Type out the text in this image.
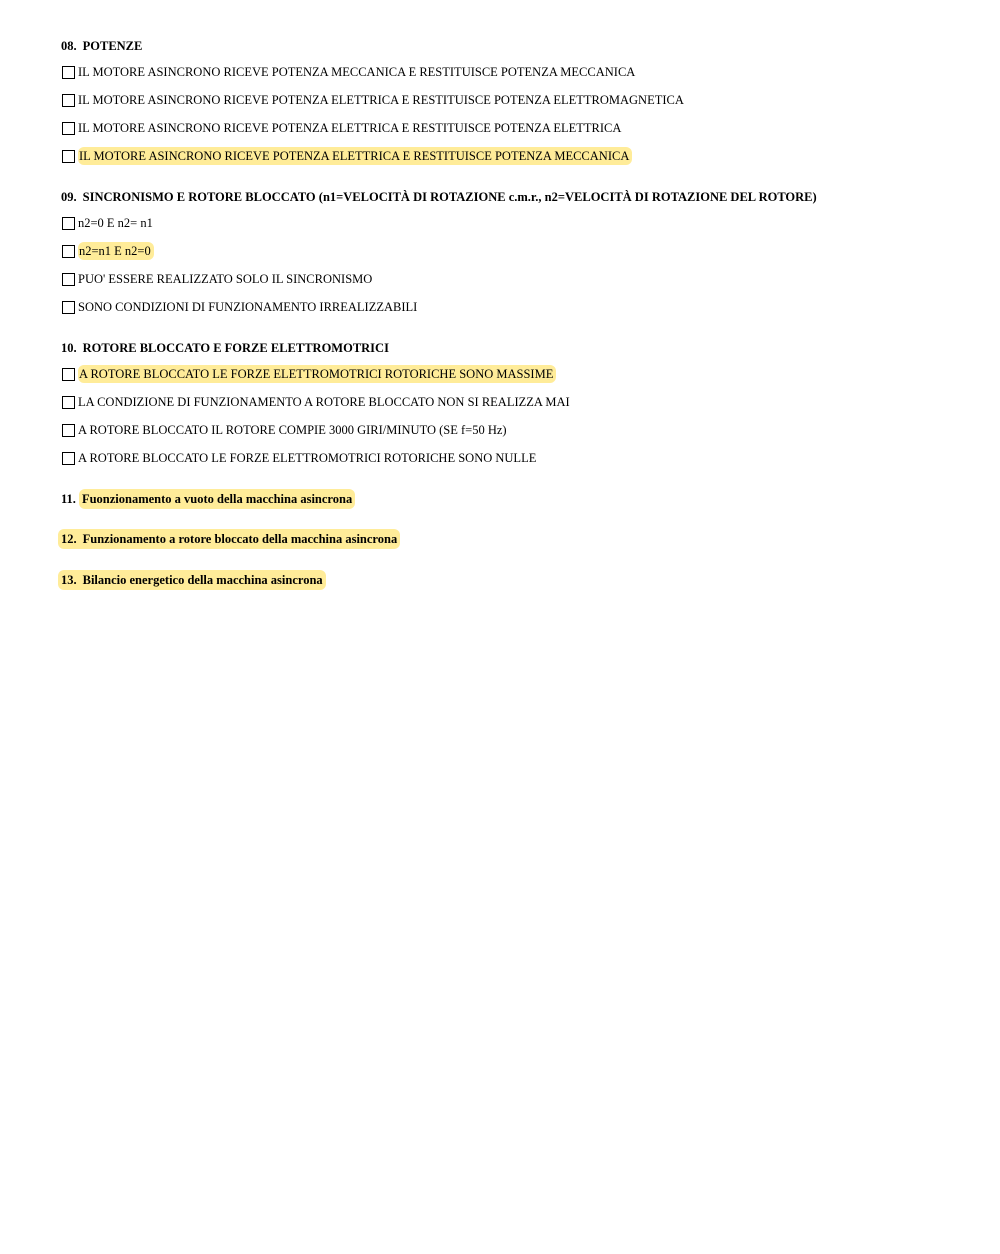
08. POTENZE
IL MOTORE ASINCRONO RICEVE POTENZA MECCANICA E RESTITUISCE POTENZA MECCANICA
IL MOTORE ASINCRONO RICEVE POTENZA ELETTRICA E RESTITUISCE POTENZA ELETTROMAGNETICA
IL MOTORE ASINCRONO RICEVE POTENZA ELETTRICA E RESTITUISCE POTENZA ELETTRICA
IL MOTORE ASINCRONO RICEVE POTENZA ELETTRICA E RESTITUISCE POTENZA MECCANICA
09. SINCRONISMO E ROTORE BLOCCATO (n1=VELOCITÀ DI ROTAZIONE c.m.r., n2=VELOCITÀ DI ROTAZIONE DEL ROTORE)
n2=0 E n2= n1
n2=n1 E n2=0
PUO' ESSERE REALIZZATO SOLO IL SINCRONISMO
SONO CONDIZIONI DI FUNZIONAMENTO IRREALIZZABILI
10. ROTORE BLOCCATO E FORZE ELETTROMOTRICI
A ROTORE BLOCCATO LE FORZE ELETTROMOTRICI ROTORICHE SONO MASSIME
LA CONDIZIONE DI FUNZIONAMENTO A ROTORE BLOCCATO NON SI REALIZZA MAI
A ROTORE BLOCCATO IL ROTORE COMPIE 3000 GIRI/MINUTO (SE f=50 Hz)
A ROTORE BLOCCATO LE FORZE ELETTROMOTRICI ROTORICHE SONO NULLE
11. Fuonzionamento a vuoto della macchina asincrona
12. Funzionamento a rotore bloccato della macchina asincrona
13. Bilancio energetico della macchina asincrona
